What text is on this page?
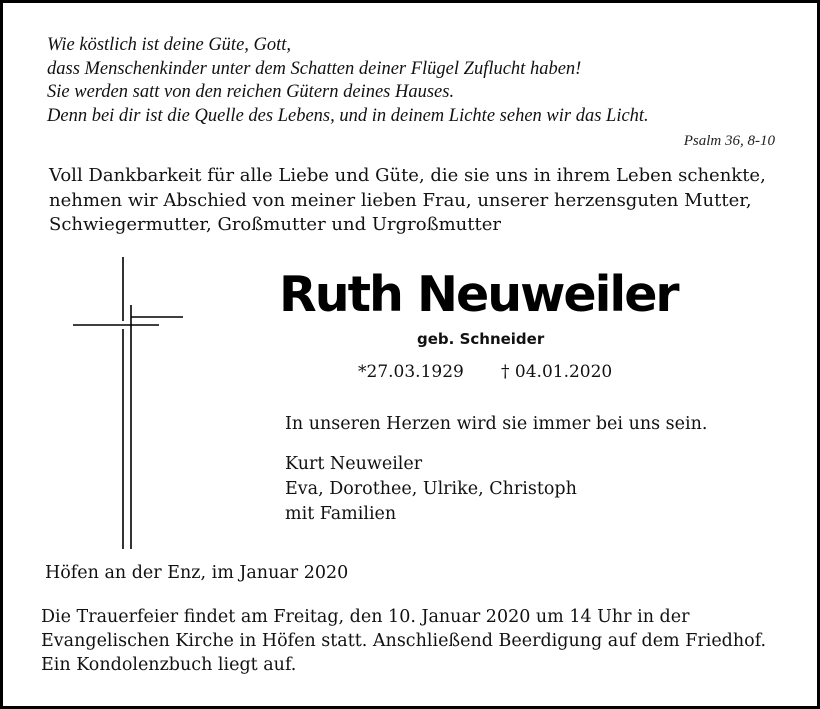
Wie köstlich ist deine Güte, Gott,
dass Menschenkinder unter dem Schatten deiner Flügel Zuflucht haben!
Sie werden satt von den reichen Gütern deines Hauses.
Denn bei dir ist die Quelle des Lebens, und in deinem Lichte sehen wir das Licht.
Psalm 36, 8-10
Voll Dankbarkeit für alle Liebe und Güte, die sie uns in ihrem Leben schenkte,
nehmen wir Abschied von meiner lieben Frau, unserer herzensguten Mutter,
Schwiegermutter, Großmutter und Urgroßmutter
Ruth Neuweiler
geb. Schneider
*27.03.1929 † 04.01.2020
In unseren Herzen wird sie immer bei uns sein.
Kurt Neuweiler
Eva, Dorothee, Ulrike, Christoph
mit Familien
Höfen an der Enz, im Januar 2020
Die Trauerfeier findet am Freitag, den 10. Januar 2020 um 14 Uhr in der
Evangelischen Kirche in Höfen statt. Anschließend Beerdigung auf dem Friedhof.
Ein Kondolenzbuch liegt auf.
